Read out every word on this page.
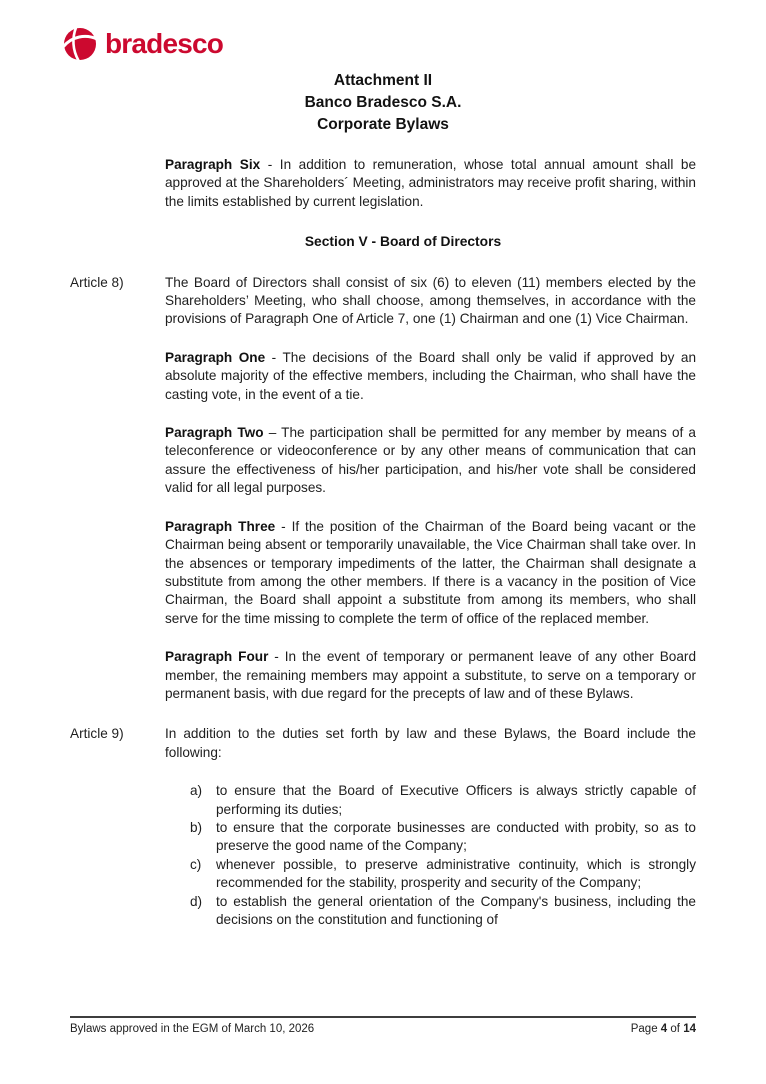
bradesco
Attachment II
Banco Bradesco S.A.
Corporate Bylaws

Paragraph Six - In addition to remuneration, whose total annual amount shall be approved at the Shareholders´ Meeting, administrators may receive profit sharing, within the limits established by current legislation.

Section V - Board of Directors
Article 8)	The Board of Directors shall consist of six (6) to eleven (11) members elected by the Shareholders’ Meeting, who shall choose, among themselves, in accordance with the provisions of Paragraph One of Article 7, one (1) Chairman and one (1) Vice Chairman.

Paragraph One - The decisions of the Board shall only be valid if approved by an absolute majority of the effective members, including the Chairman, who shall have the casting vote, in the event of a tie.

Paragraph Two – The participation shall be permitted for any member by means of a teleconference or videoconference or by any other means of communication that can assure the effectiveness of his/her participation, and his/her vote shall be considered valid for all legal purposes.

Paragraph Three - If the position of the Chairman of the Board being vacant or the Chairman being absent or temporarily unavailable, the Vice Chairman shall take over. In the absences or temporary impediments of the latter, the Chairman shall designate a substitute from among the other members. If there is a vacancy in the position of Vice Chairman, the Board shall appoint a substitute from among its members, who shall serve for the time missing to complete the term of office of the replaced member.

Paragraph Four - In the event of temporary or permanent leave of any other Board member, the remaining members may appoint a substitute, to serve on a temporary or permanent basis, with due regard for the precepts of law and of these Bylaws.

Article 9)	In addition to the duties set forth by law and these Bylaws, the Board include the following:
a)	to ensure that the Board of Executive Officers is always strictly capable of performing its duties;
b)	to ensure that the corporate businesses are conducted with probity, so as to preserve the good name of the Company;
c)	whenever possible, to preserve administrative continuity, which is strongly recommended for the stability, prosperity and security of the Company;
d)	to establish the general orientation of the Company's business, including the decisions on the constitution and functioning of
Bylaws approved in the EGM of March 10, 2026	Page 4 of 14
